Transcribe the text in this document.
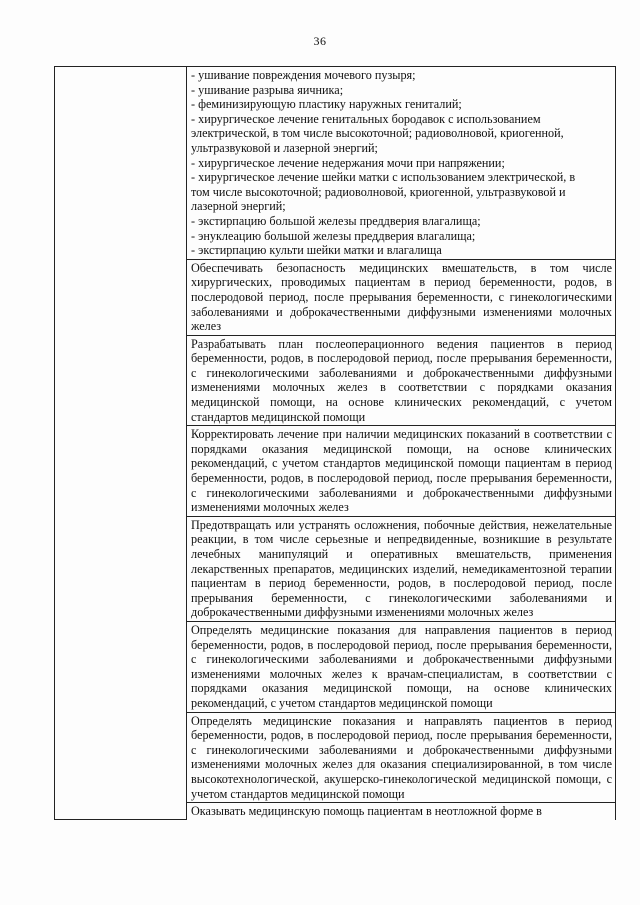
36

- ушивание повреждения мочевого пузыря;
- ушивание разрыва яичника;
- феминизирующую пластику наружных гениталий;
- хирургическое лечение генитальных бородавок с использованием
электрической, в том числе высокоточной; радиоволновой, криогенной,
ультразвуковой и лазерной энергий;
- хирургическое лечение недержания мочи при напряжении;
- хирургическое лечение шейки матки с использованием электрической, в
том числе высокоточной; радиоволновой, криогенной, ультразвуковой и
лазерной энергий;
- экстирпацию большой железы преддверия влагалища;
- энуклеацию большой железы преддверия влагалища;
- экстирпацию культи шейки матки и влагалища

Обеспечивать безопасность медицинских вмешательств, в том числе хирургических, проводимых пациентам в период беременности, родов, в послеродовой период, после прерывания беременности, с гинекологическими заболеваниями и доброкачественными диффузными изменениями молочных желез

Разрабатывать план послеоперационного ведения пациентов в период беременности, родов, в послеродовой период, после прерывания беременности, с гинекологическими заболеваниями и доброкачественными диффузными изменениями молочных желез в соответствии с порядками оказания медицинской помощи, на основе клинических рекомендаций, с учетом стандартов медицинской помощи

Корректировать лечение при наличии медицинских показаний в соответствии с порядками оказания медицинской помощи, на основе клинических рекомендаций, с учетом стандартов медицинской помощи пациентам в период беременности, родов, в послеродовой период, после прерывания беременности, с гинекологическими заболеваниями и доброкачественными диффузными изменениями молочных желез

Предотвращать или устранять осложнения, побочные действия, нежелательные реакции, в том числе серьезные и непредвиденные, возникшие в результате лечебных манипуляций и оперативных вмешательств, применения лекарственных препаратов, медицинских изделий, немедикаментозной терапии пациентам в период беременности, родов, в послеродовой период, после прерывания беременности, с гинекологическими заболеваниями и доброкачественными диффузными изменениями молочных желез

Определять медицинские показания для направления пациентов в период беременности, родов, в послеродовой период, после прерывания беременности, с гинекологическими заболеваниями и доброкачественными диффузными изменениями молочных желез к врачам-специалистам, в соответствии с порядками оказания медицинской помощи, на основе клинических рекомендаций, с учетом стандартов медицинской помощи

Определять медицинские показания и направлять пациентов в период беременности, родов, в послеродовой период, после прерывания беременности, с гинекологическими заболеваниями и доброкачественными диффузными изменениями молочных желез для оказания специализированной, в том числе высокотехнологической, акушерско-гинекологической медицинской помощи, с учетом стандартов медицинской помощи

Оказывать медицинскую помощь пациентам в неотложной форме в
